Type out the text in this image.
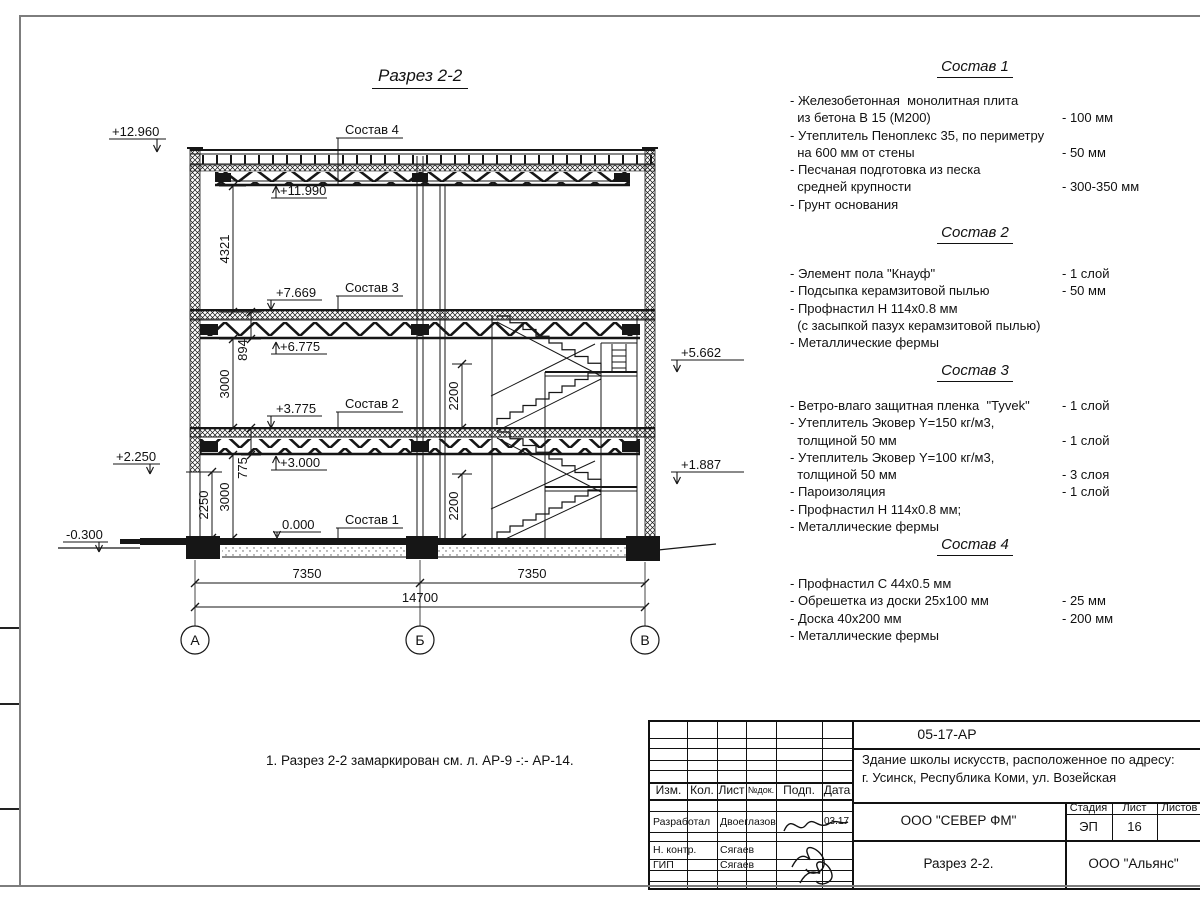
4321
894
3000
775
3000
2250
2200
2200
7350	7350
14700
А	Б	В
+12.960
+2.250
-0.300
+5.662
+1.887
+11.990
+7.669
+6.775
+3.775
+3.000
0.000
Состав 4
Состав 3
Состав 2
Состав 1
Разрез 2-2
1. Разрез 2-2 замаркирован см. л. АР-9 -:- АР-14.
Состав 1
- Железобетонная  монолитная плита
из бетона В 15 (М200)	- 100 мм
- Утеплитель Пеноплекс 35, по периметру
на 600 мм от стены	- 50 мм
- Песчаная подготовка из песка
средней крупности	- 300-350 мм
- Грунт основания
Состав 2
- Элемент пола "Кнауф"	- 1 слой
- Подсыпка керамзитовой пылью	- 50 мм
- Профнастил Н 114х0.8 мм
(с засыпкой пазух керамзитовой пылью)
- Металлические фермы
Состав 3
- Ветро-влаго защитная пленка  "Tyvek" - 1 слой
- Утеплитель Эковер Y=150 кг/м3,
толщиной 50 мм	- 1 слой
- Утеплитель Эковер Y=100 кг/м3,
толщиной 50 мм	- 3 слоя
- Пароизоляция	- 1 слой
- Профнастил Н 114х0.8 мм;
- Металлические фермы
Состав 4
- Профнастил С 44х0.5 мм
- Обрешетка из доски 25х100 мм	- 25 мм
- Доска 40х200 мм	- 200 мм
- Металлические фермы
Изм. Кол. Лист №док. Подп. Дата
Разработал Двоеглазов	03.17
Н. контр.	Сягаев
ГИП	Сягаев
05-17-АР
Здание школы искусств, расположенное по адресу:
г. Усинск, Республика Коми, ул. Возейская
ООО "СЕВЕР ФМ"
Разрез 2-2.
Стадия	Лист	Листов
ЭП	16
ООО "Альянс"
